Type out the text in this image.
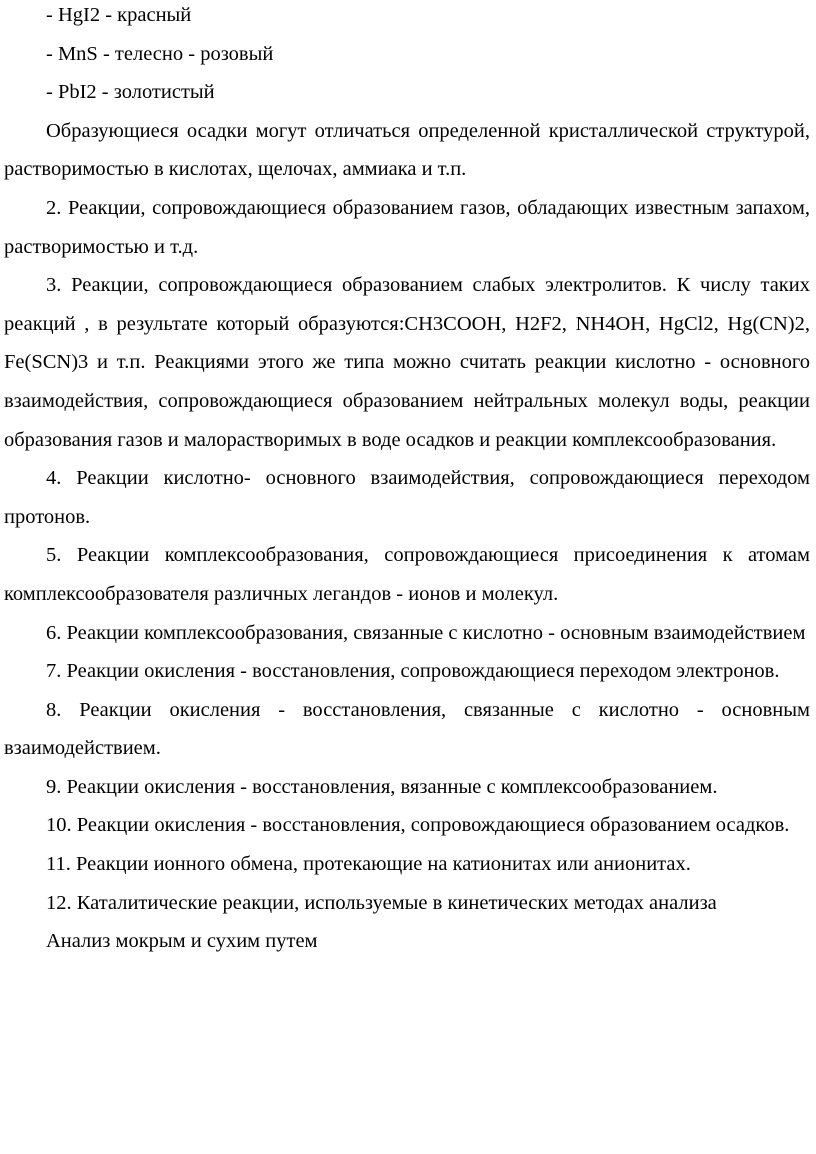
- HgI2 - красный

- MnS - телесно - розовый

- PbI2 - золотистый

Образующиеся осадки могут отличаться определенной кристаллической структурой, растворимостью в кислотах, щелочах, аммиака и т.п.

2. Реакции, сопровождающиеся образованием газов, обладающих известным запахом, растворимостью и т.д.

3. Реакции, сопровождающиеся образованием слабых электролитов. К числу таких реакций , в результате который образуются:CH3COOH, H2F2, NH4OH, HgCl2, Hg(CN)2, Fe(SCN)3 и т.п. Реакциями этого же типа можно считать реакции кислотно - основного взаимодействия, сопровождающиеся образованием нейтральных молекул воды, реакции образования газов и малорастворимых в воде осадков и реакции комплексообразования.

4. Реакции кислотно- основного взаимодействия, сопровождающиеся переходом протонов.

5. Реакции комплексообразования, сопровождающиеся присоединения к атомам комплексообразователя различных легандов - ионов и молекул.

6. Реакции комплексообразования, связанные с кислотно - основным взаимодействием

7. Реакции окисления - восстановления, сопровождающиеся переходом электронов.

8. Реакции окисления - восстановления, связанные с кислотно - основным взаимодействием.

9. Реакции окисления - восстановления, вязанные с комплексообразованием.

10. Реакции окисления - восстановления, сопровождающиеся образованием осадков.

11. Реакции ионного обмена, протекающие на катионитах или анионитах.

12. Каталитические реакции, используемые в кинетических методах анализа

Анализ мокрым и сухим путем
